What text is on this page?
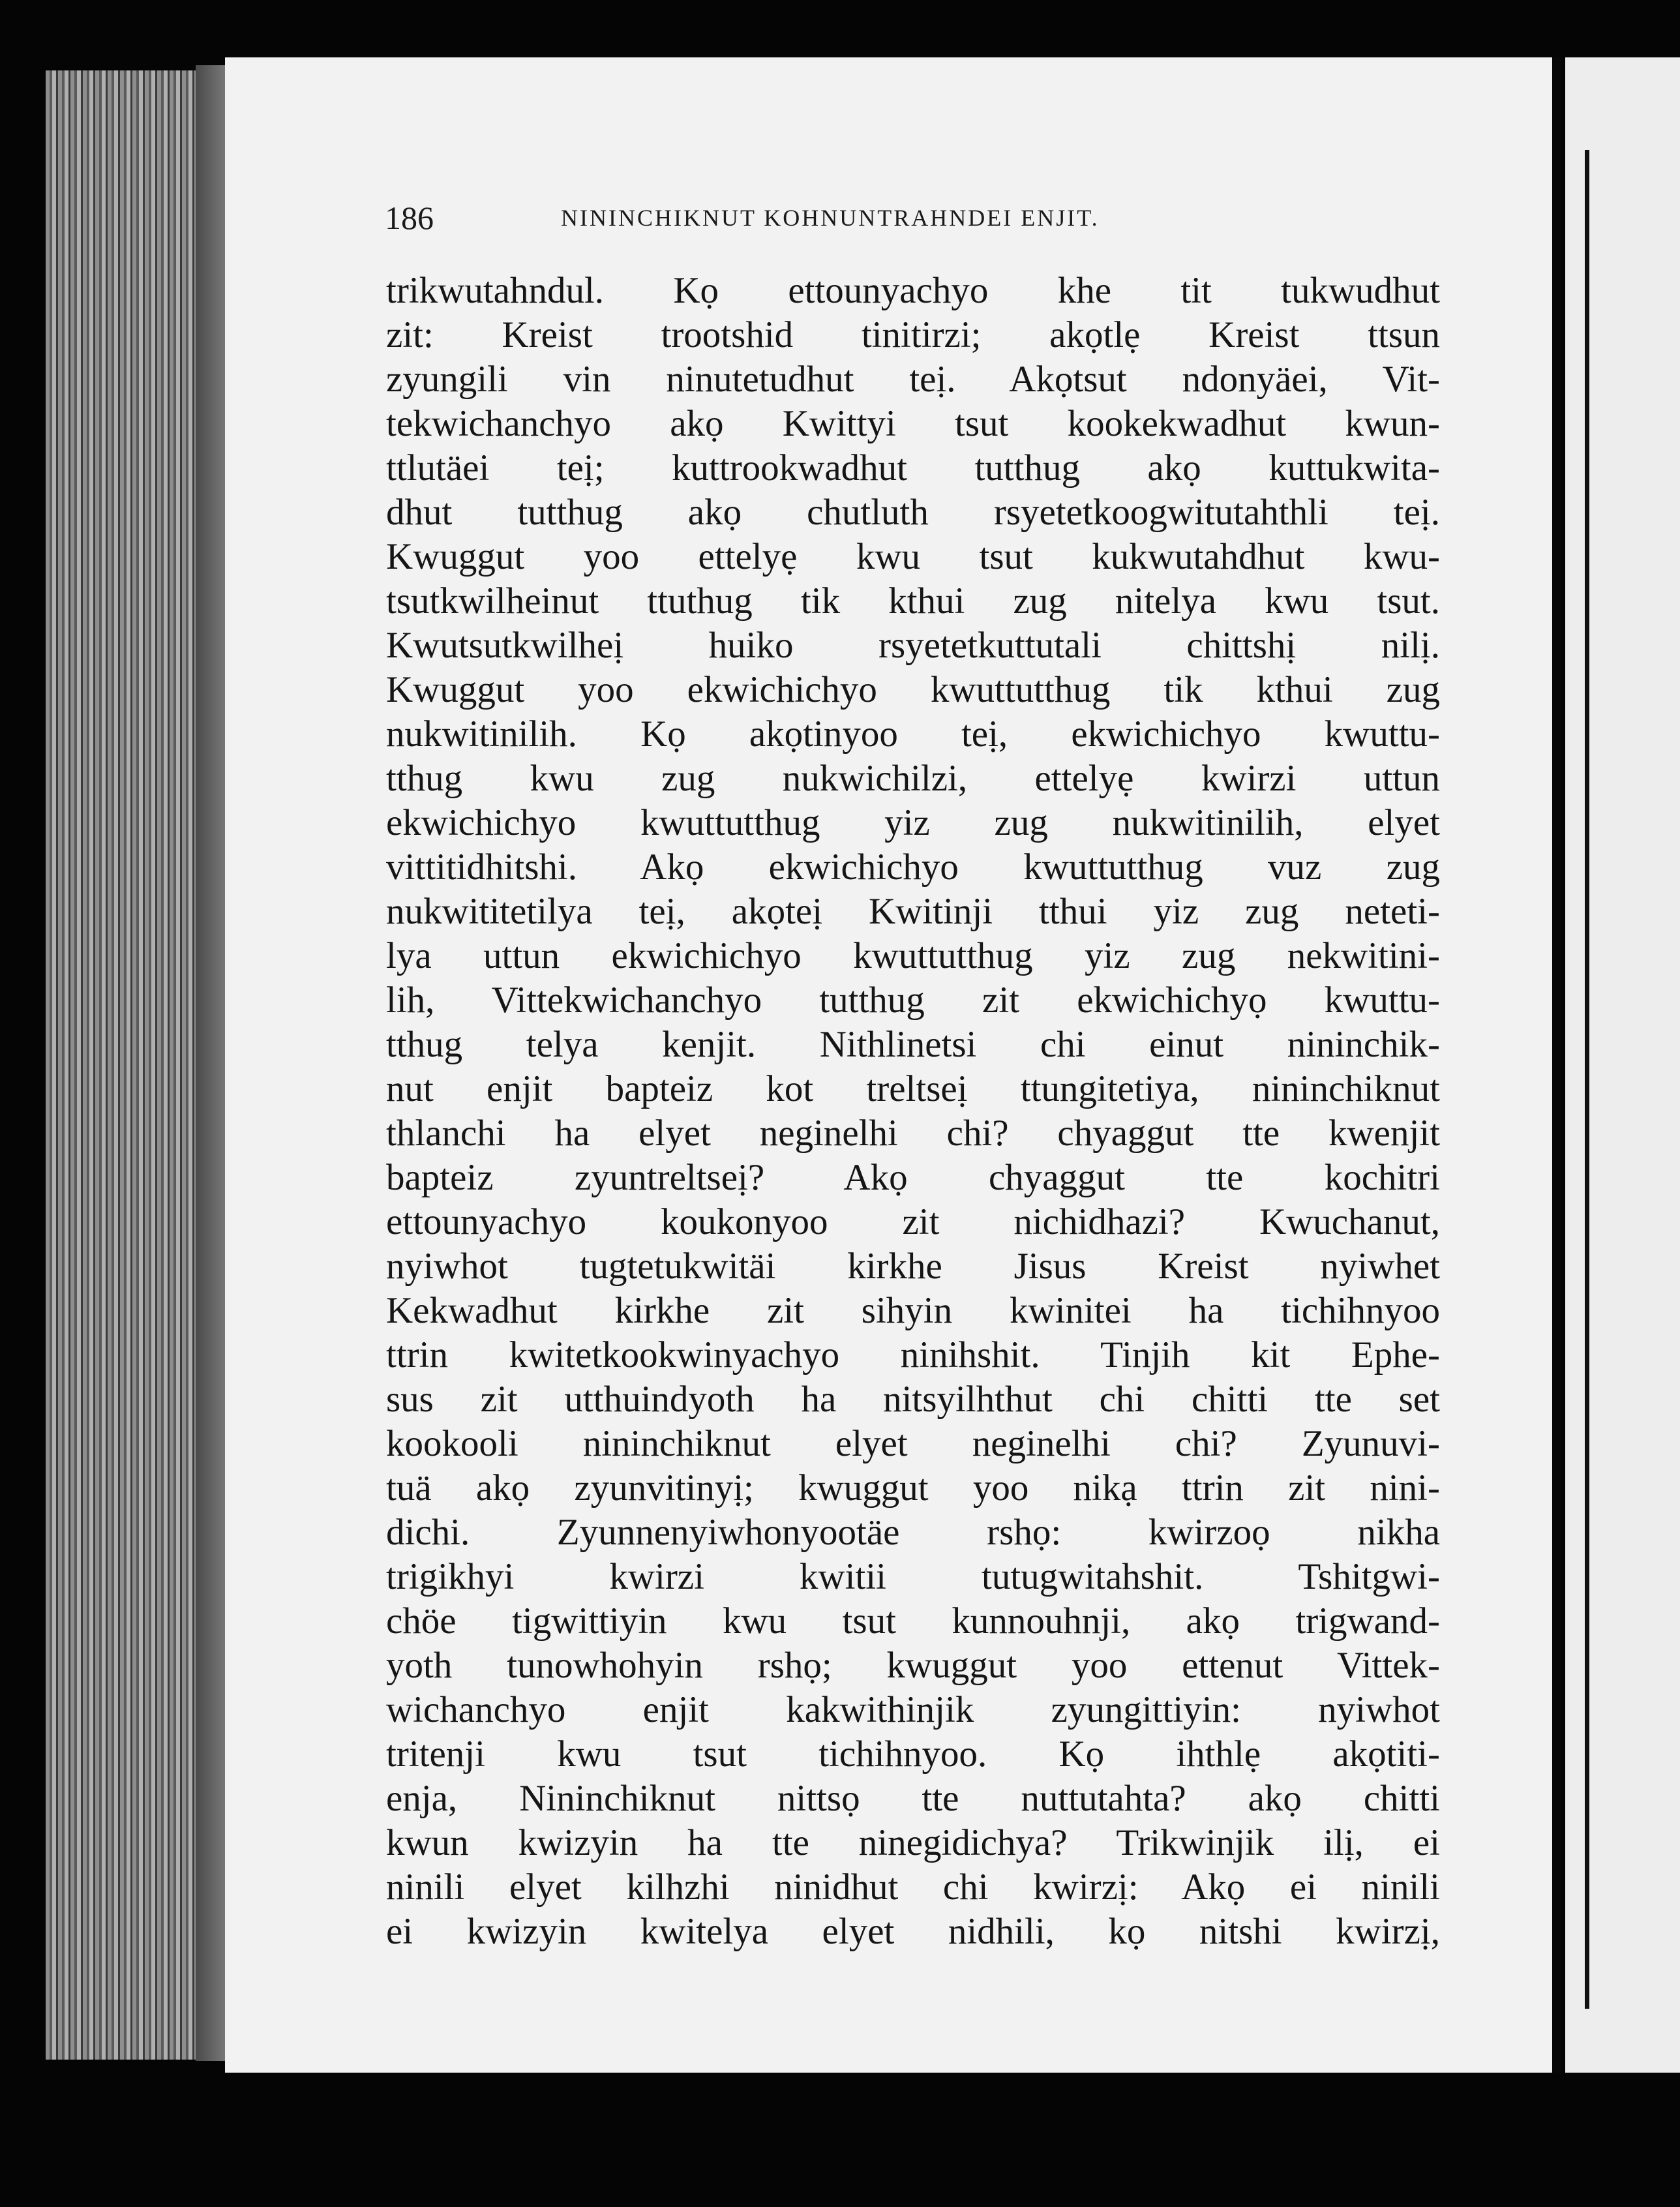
186	NININCHIKNUT KOHNUNTRAHNDEI ENJIT.
trikwutahndul. Kọ ettounyachyo khe tit tukwudhut
zit: Kreist trootshid tinitirzi; akọtlẹ Kreist ttsun
zyungili vin ninutetudhut teị. Akọtsut ndonyäei, Vit-
tekwichanchyo akọ Kwittyi tsut kookekwadhut kwun-
ttlutäei teị; kuttrookwadhut tutthug akọ kuttukwita-
dhut tutthug akọ chutluth rsyetetkoogwitutahthli teị.
Kwuggut yoo ettelyẹ kwu tsut kukwutahdhut kwu-
tsutkwilheinut ttuthug tik kthui zug nitelya kwu tsut.
Kwutsutkwilheị huiko rsyetetkuttutali chittshị nilị.
Kwuggut yoo ekwichichyo kwuttutthug tik kthui zug
nukwitinilih. Kọ akọtinyoo teị, ekwichichyo kwuttu-
tthug kwu zug nukwichilzi, ettelyẹ kwirzi uttun
ekwichichyo kwuttutthug yiz zug nukwitinilih, elyet
vittitidhitshi. Akọ ekwichichyo kwuttutthug vuz zug
nukwititetilya teị, akọteị Kwitinji tthui yiz zug neteti-
lya uttun ekwichichyo kwuttutthug yiz zug nekwitini-
lih, Vittekwichanchyo tutthug zit ekwichichyọ kwuttu-
tthug telya kenjit. Nithlinetsi chi einut nininchik-
nut enjit bapteiz kot treltseị ttungitetiya, nininchiknut
thlanchi ha elyet neginelhi chi? chyaggut tte kwenjit
bapteiz zyuntreltseị? Akọ chyaggut tte kochitri
ettounyachyo koukonyoo zit nichidhazi? Kwuchanut,
nyiwhot tugtetukwitäi kirkhe Jisus Kreist nyiwhet
Kekwadhut kirkhe zit sihyin kwinitei ha tichihnyoo
ttrin kwitetkookwinyachyo ninihshit. Tinjih kit Ephe-
sus zit utthuindyoth ha nitsyilhthut chi chitti tte set
kookooli nininchiknut elyet neginelhi chi? Zyunuvi-
tuä akọ zyunvitinyị; kwuggut yoo nikạ ttrin zit nini-
dichi. Zyunnenyiwhonyootäe rshọ: kwirzoọ nikha
trigikhyi kwirzi kwitii tutugwitahshit. Tshitgwi-
chöe tigwittiyin kwu tsut kunnouhnji, akọ trigwand-
yoth tunowhohyin rshọ; kwuggut yoo ettenut Vittek-
wichanchyo enjit kakwithinjik zyungittiyin: nyiwhot
tritenji kwu tsut tichihnyoo. Kọ ihthlẹ akọtiti-
enja, Nininchiknut nittsọ tte nuttutahta? akọ chitti
kwun kwizyin ha tte ninegidichya? Trikwinjik ilị, ei
ninili elyet kilhzhi ninidhut chi kwirzị: Akọ ei ninili
ei kwizyin kwitelya elyet nidhili, kọ nitshi kwirzị,
